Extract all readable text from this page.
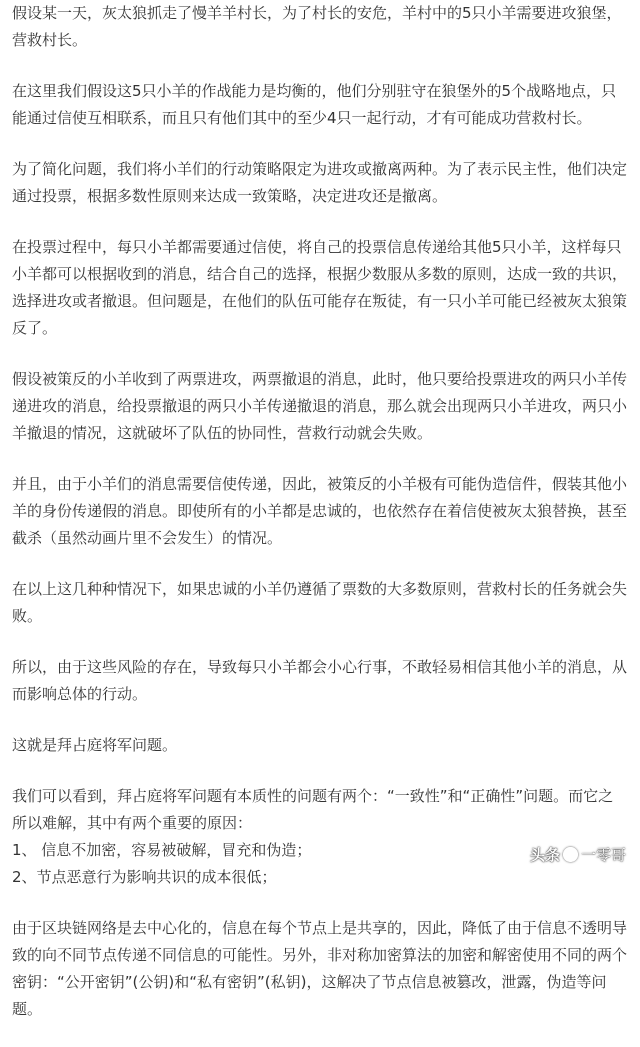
假设某一天，灰太狼抓走了慢羊羊村长，为了村长的安危，羊村中的5只小羊需要进攻狼堡，营救村长。

在这里我们假设这5只小羊的作战能力是均衡的，他们分别驻守在狼堡外的5个战略地点，只能通过信使互相联系，而且只有他们其中的至少4只一起行动，才有可能成功营救村长。

为了简化问题，我们将小羊们的行动策略限定为进攻或撤离两种。为了表示民主性，他们决定通过投票，根据多数性原则来达成一致策略，决定进攻还是撤离。

在投票过程中，每只小羊都需要通过信使，将自己的投票信息传递给其他5只小羊，这样每只小羊都可以根据收到的消息，结合自己的选择，根据少数服从多数的原则，达成一致的共识，选择进攻或者撤退。但问题是，在他们的队伍可能存在叛徒，有一只小羊可能已经被灰太狼策反了。

假设被策反的小羊收到了两票进攻，两票撤退的消息，此时，他只要给投票进攻的两只小羊传递进攻的消息，给投票撤退的两只小羊传递撤退的消息，那么就会出现两只小羊进攻，两只小羊撤退的情况，这就破坏了队伍的协同性，营救行动就会失败。

并且，由于小羊们的消息需要信使传递，因此，被策反的小羊极有可能伪造信件，假装其他小羊的身份传递假的消息。即使所有的小羊都是忠诚的，也依然存在着信使被灰太狼替换，甚至截杀（虽然动画片里不会发生）的情况。

在以上这几种种情况下，如果忠诚的小羊仍遵循了票数的大多数原则，营救村长的任务就会失败。

所以，由于这些风险的存在，导致每只小羊都会小心行事，不敢轻易相信其他小羊的消息，从而影响总体的行动。

这就是拜占庭将军问题。

我们可以看到，拜占庭将军问题有本质性的问题有两个：“一致性”和“正确性”问题。而它之所以难解，其中有两个重要的原因：

1、 信息不加密，容易被破解，冒充和伪造；

2、节点恶意行为影响共识的成本很低；

由于区块链网络是去中心化的，信息在每个节点上是共享的，因此，降低了由于信息不透明导致的向不同节点传递不同信息的可能性。另外，非对称加密算法的加密和解密使用不同的两个密钥：“公开密钥”(公钥)和“私有密钥”(私钥)，这解决了节点信息被篡改，泄露，伪造等问题。

头条 一零哥
